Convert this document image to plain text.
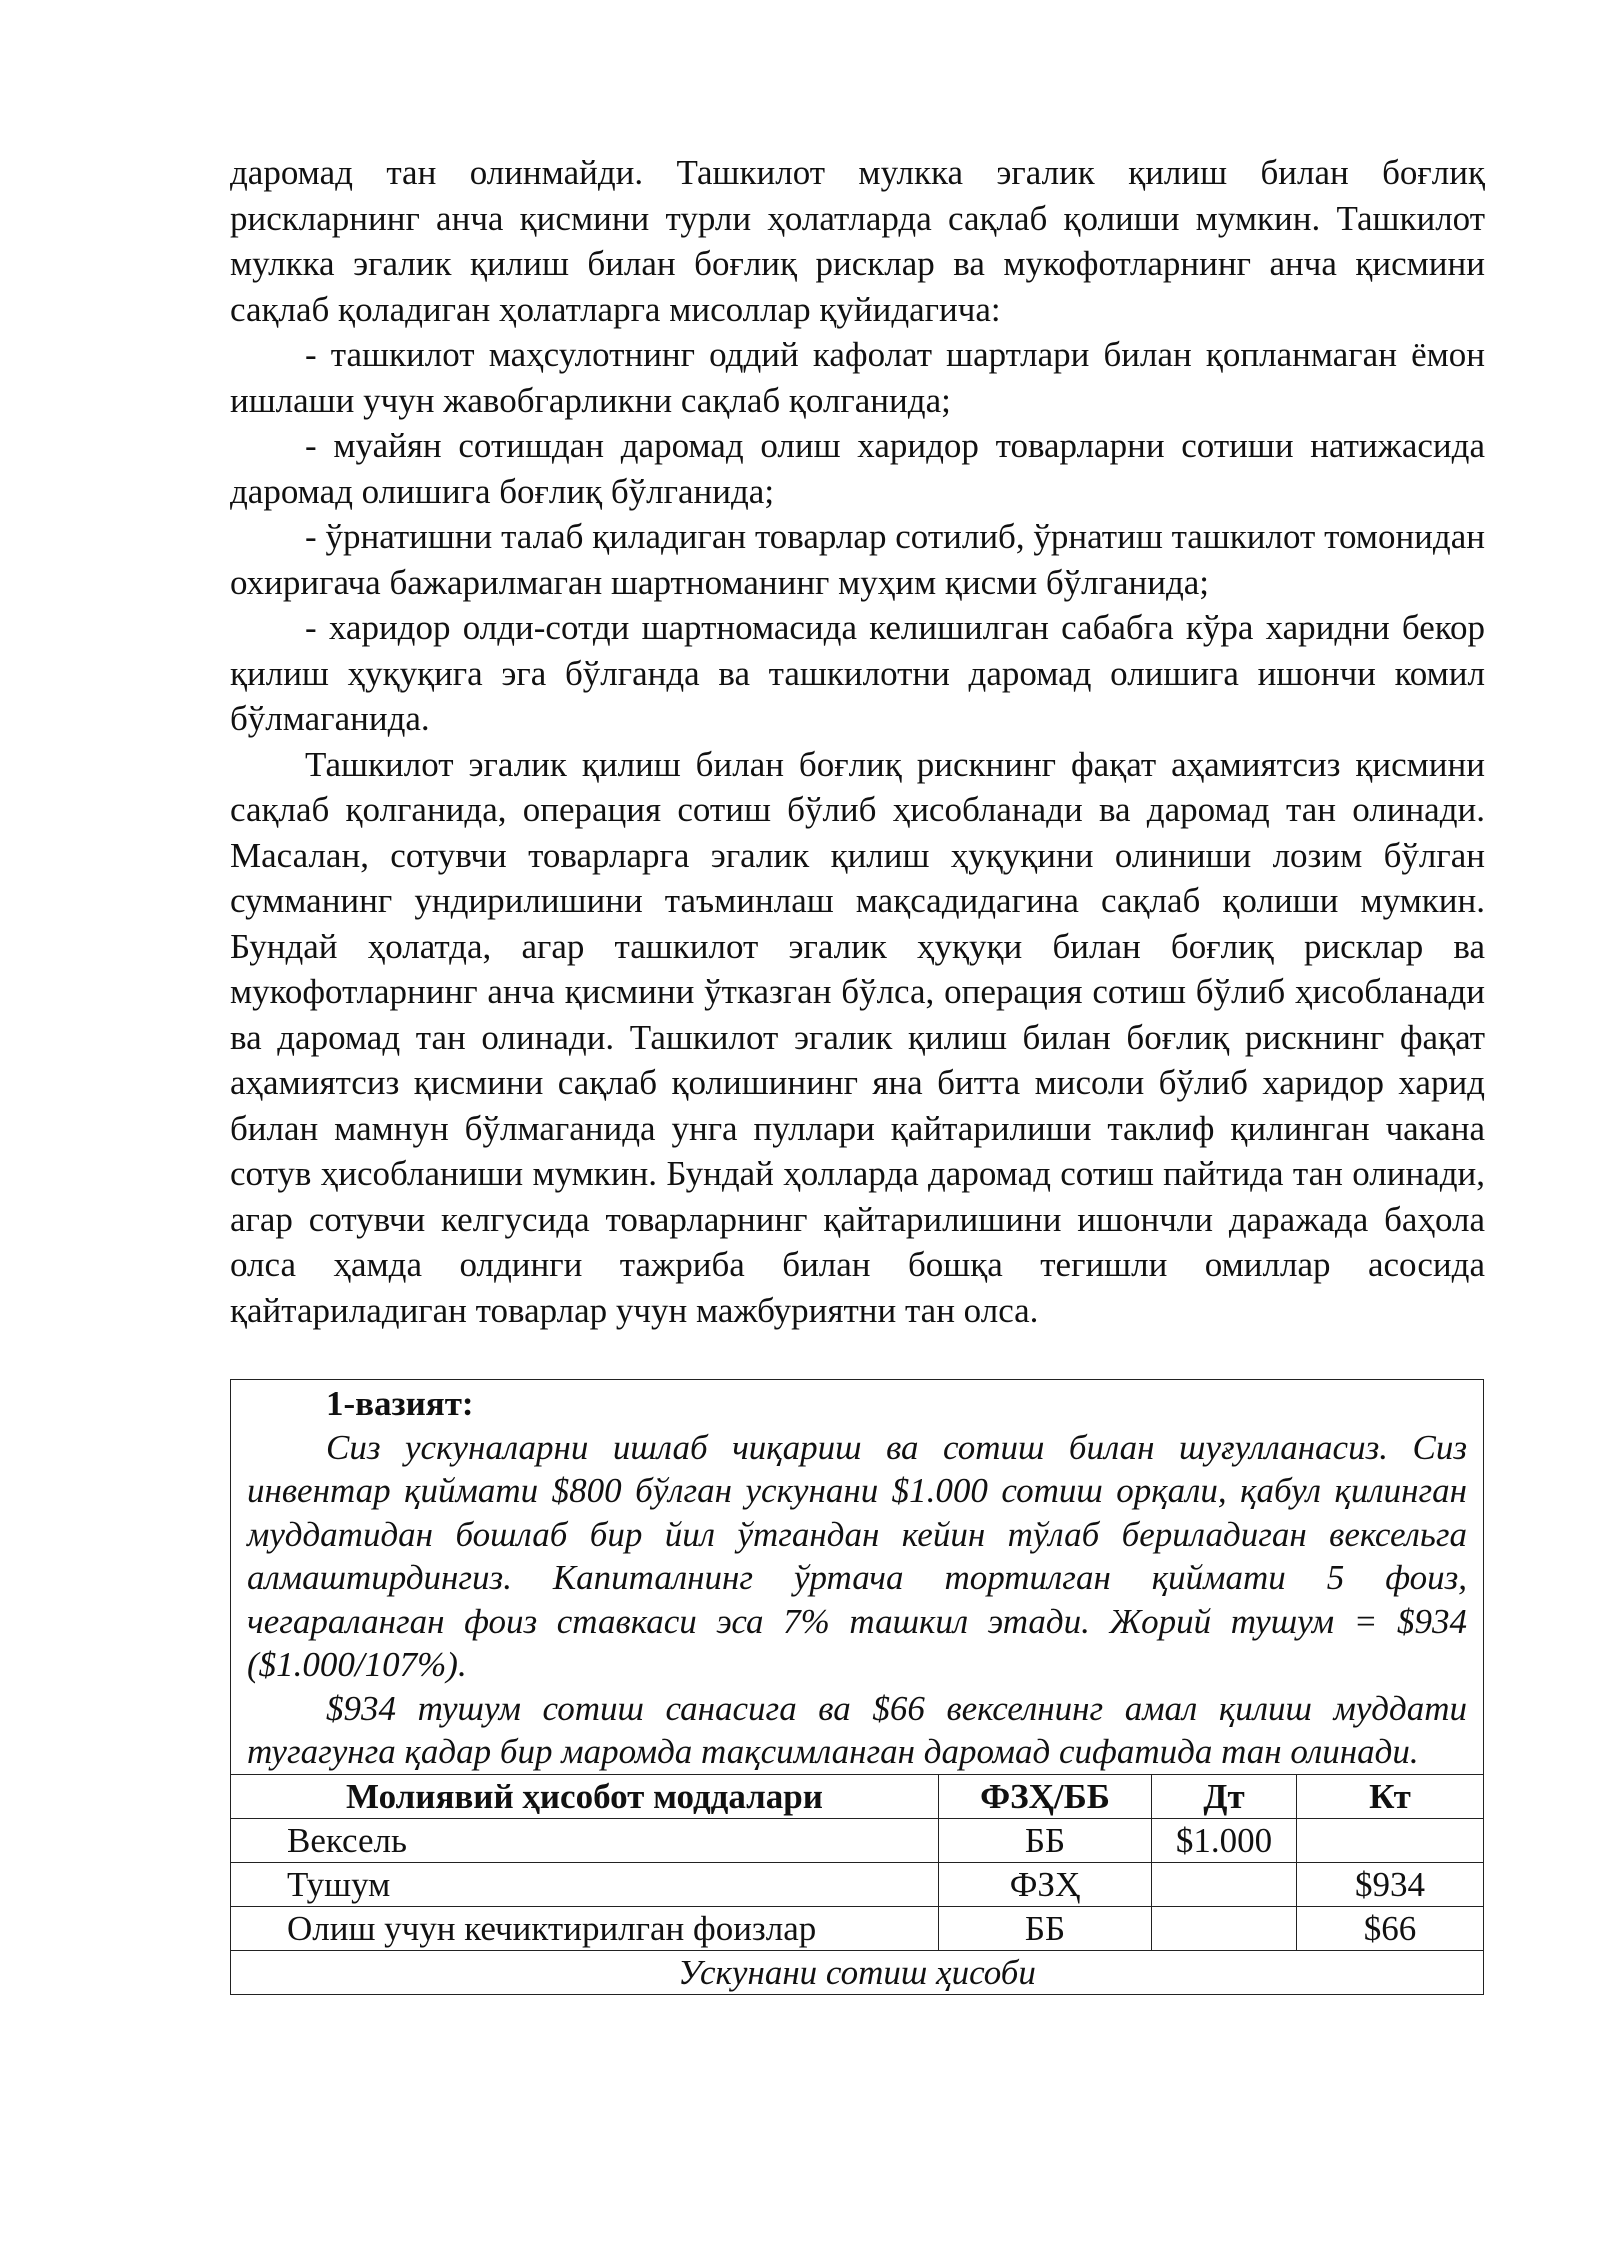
даромад тан олинмайди. Ташкилот мулкка эгалик қилиш билан боғлиқ рискларнинг анча қисмини турли ҳолатларда сақлаб қолиши мумкин. Ташкилот мулкка эгалик қилиш билан боғлиқ рисклар ва мукофотларнинг анча қисмини сақлаб қоладиган ҳолатларга мисоллар қуйидагича:

- ташкилот маҳсулотнинг оддий кафолат шартлари билан қопланмаган ёмон ишлаши учун жавобгарликни сақлаб қолганида;

- муайян сотишдан даромад олиш харидор товарларни сотиши натижасида даромад олишига боғлиқ бўлганида;

- ўрнатишни талаб қиладиган товарлар сотилиб, ўрнатиш ташкилот томонидан охиригача бажарилмаган шартноманинг муҳим қисми бўлганида;

- харидор олди-сотди шартномасида келишилган сабабга кўра харидни бекор қилиш ҳуқуқига эга бўлганда ва ташкилотни даромад олишига ишончи комил бўлмаганида.

Ташкилот эгалик қилиш билан боғлиқ рискнинг фақат аҳамиятсиз қисмини сақлаб қолганида, операция сотиш бўлиб ҳисобланади ва даромад тан олинади. Масалан, сотувчи товарларга эгалик қилиш ҳуқуқини олиниши лозим бўлган сумманинг ундирилишини таъминлаш мақсадидагина сақлаб қолиши мумкин. Бундай ҳолатда, агар ташкилот эгалик ҳуқуқи билан боғлиқ рисклар ва мукофотларнинг анча қисмини ўтказган бўлса, операция сотиш бўлиб ҳисобланади ва даромад тан олинади. Ташкилот эгалик қилиш билан боғлиқ рискнинг фақат аҳамиятсиз қисмини сақлаб қолишининг яна битта мисоли бўлиб харидор харид билан мамнун бўлмаганида унга пуллари қайтарилиши таклиф қилинган чакана сотув ҳисобланиши мумкин. Бундай ҳолларда даромад сотиш пайтида тан олинади, агар сотувчи келгусида товарларнинг қайтарилишини ишончли даражада баҳола олса ҳамда олдинги тажриба билан бошқа тегишли омиллар асосида қайтариладиган товарлар учун мажбуриятни тан олса.

1-вазият:

Сиз ускуналарни ишлаб чиқариш ва сотиш билан шуғулланасиз. Сиз инвентар қиймати $800 бўлган ускунани $1.000 сотиш орқали, қабул қилинган муддатидан бошлаб бир йил ўтгандан кейин тўлаб бериладиган вексельга алмаштирдингиз. Капиталнинг ўртача тортилган қиймати 5 фоиз, чегараланган фоиз ставкаси эса 7% ташкил этади. Жорий тушум = $934 ($1.000/107%).

$934 тушум сотиш санасига ва $66 векселнинг амал қилиш муддати тугагунга қадар бир маромда тақсимланган даромад сифатида тан олинади.

Молиявий ҳисобот моддалари	ФЗҲ/ББ	Дт	Кт
Вексель	ББ	$1.000	
Тушум	ФЗҲ		$934
Олиш учун кечиктирилган фоизлар	ББ		$66
Ускунани сотиш ҳисоби			
